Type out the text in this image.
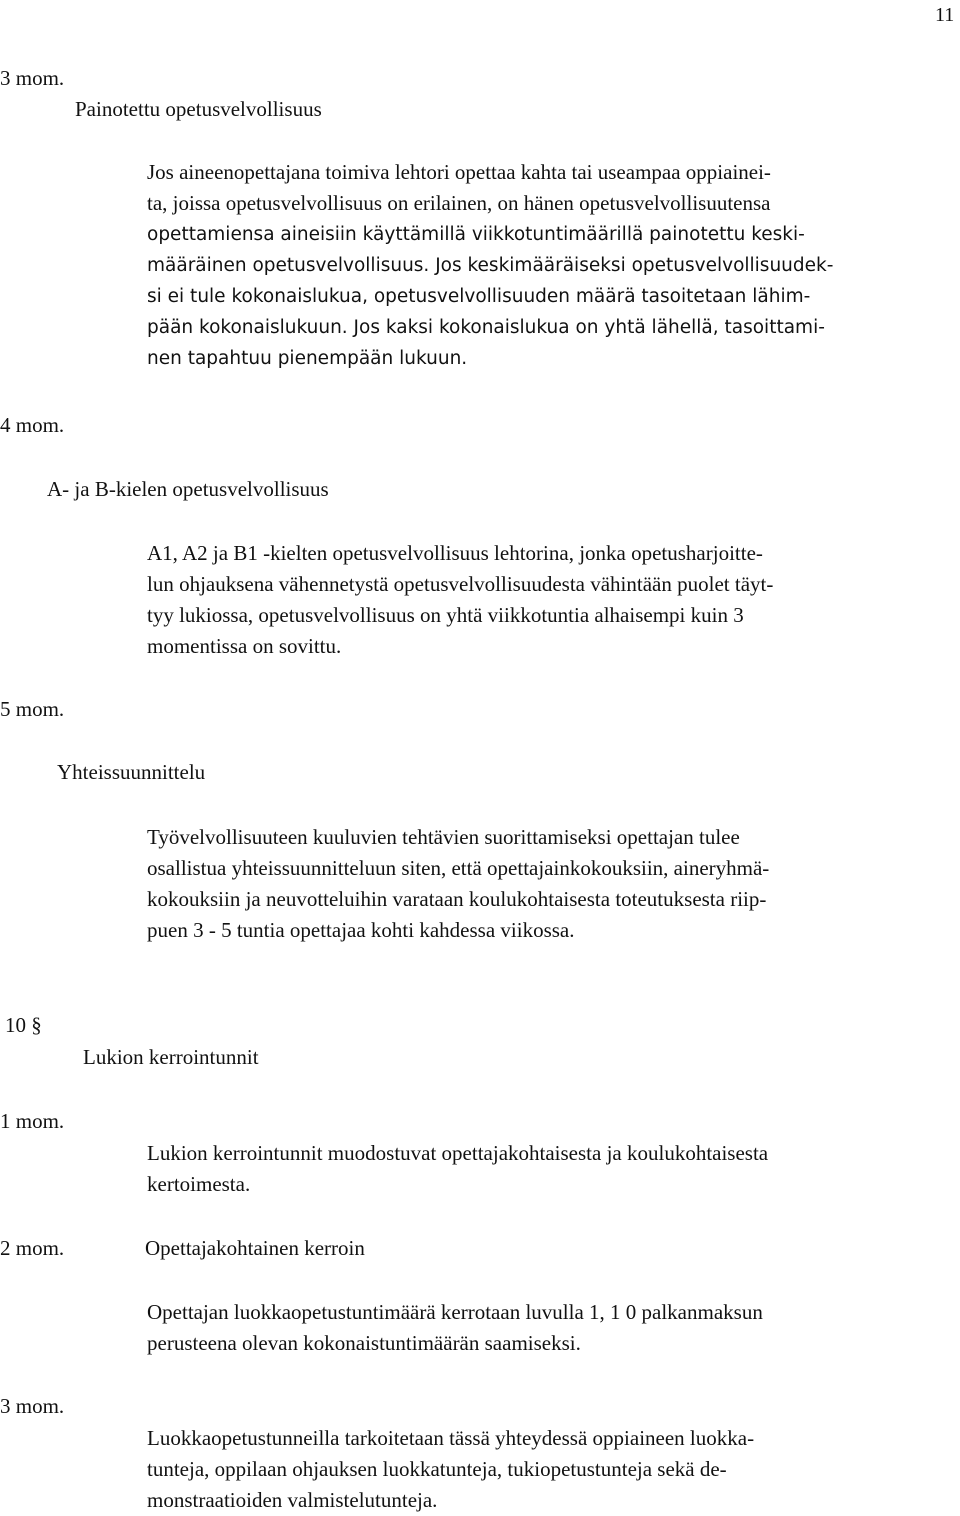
11
3 mom.
Painotettu opetusvelvollisuus
Jos aineenopettajana toimiva lehtori opettaa kahta tai useampaa oppiainei-
ta, joissa opetusvelvollisuus on erilainen, on hänen opetusvelvollisuutensa
opettamiensa aineisiin käyttämillä viikkotuntimäärillä painotettu keski-
määräinen opetusvelvollisuus. Jos keskimääräiseksi opetusvelvollisuudek-
si ei tule kokonaislukua, opetusvelvollisuuden määrä tasoitetaan lähim-
pään kokonaislukuun. Jos kaksi kokonaislukua on yhtä lähellä, tasoittami-
nen tapahtuu pienempään lukuun.
4 mom.
A- ja B-kielen opetusvelvollisuus
A1, A2 ja B1 -kielten opetusvelvollisuus lehtorina, jonka opetusharjoitte-
lun ohjauksena vähennetystä opetusvelvollisuudesta vähintään puolet täyt-
tyy lukiossa, opetusvelvollisuus on yhtä viikkotuntia alhaisempi kuin 3
momentissa on sovittu.
5 mom.
Yhteissuunnittelu
Työvelvollisuuteen kuuluvien tehtävien suorittamiseksi opettajan tulee
osallistua yhteissuunnitteluun siten, että opettajainkokouksiin, aineryhmä-
kokouksiin ja neuvotteluihin varataan koulukohtaisesta toteutuksesta riip-
puen 3 - 5 tuntia opettajaa kohti kahdessa viikossa.
10 §
Lukion kerrointunnit
1 mom.
Lukion kerrointunnit muodostuvat opettajakohtaisesta ja koulukohtaisesta
kertoimesta.
2 mom.	Opettajakohtainen kerroin
Opettajan luokkaopetustuntimäärä kerrotaan luvulla 1, 1 0 palkanmaksun
perusteena olevan kokonaistuntimäärän saamiseksi.
3 mom.
Luokkaopetustunneilla tarkoitetaan tässä yhteydessä oppiaineen luokka-
tunteja, oppilaan ohjauksen luokkatunteja, tukiopetustunteja sekä de-
monstraatioiden valmistelutunteja.
